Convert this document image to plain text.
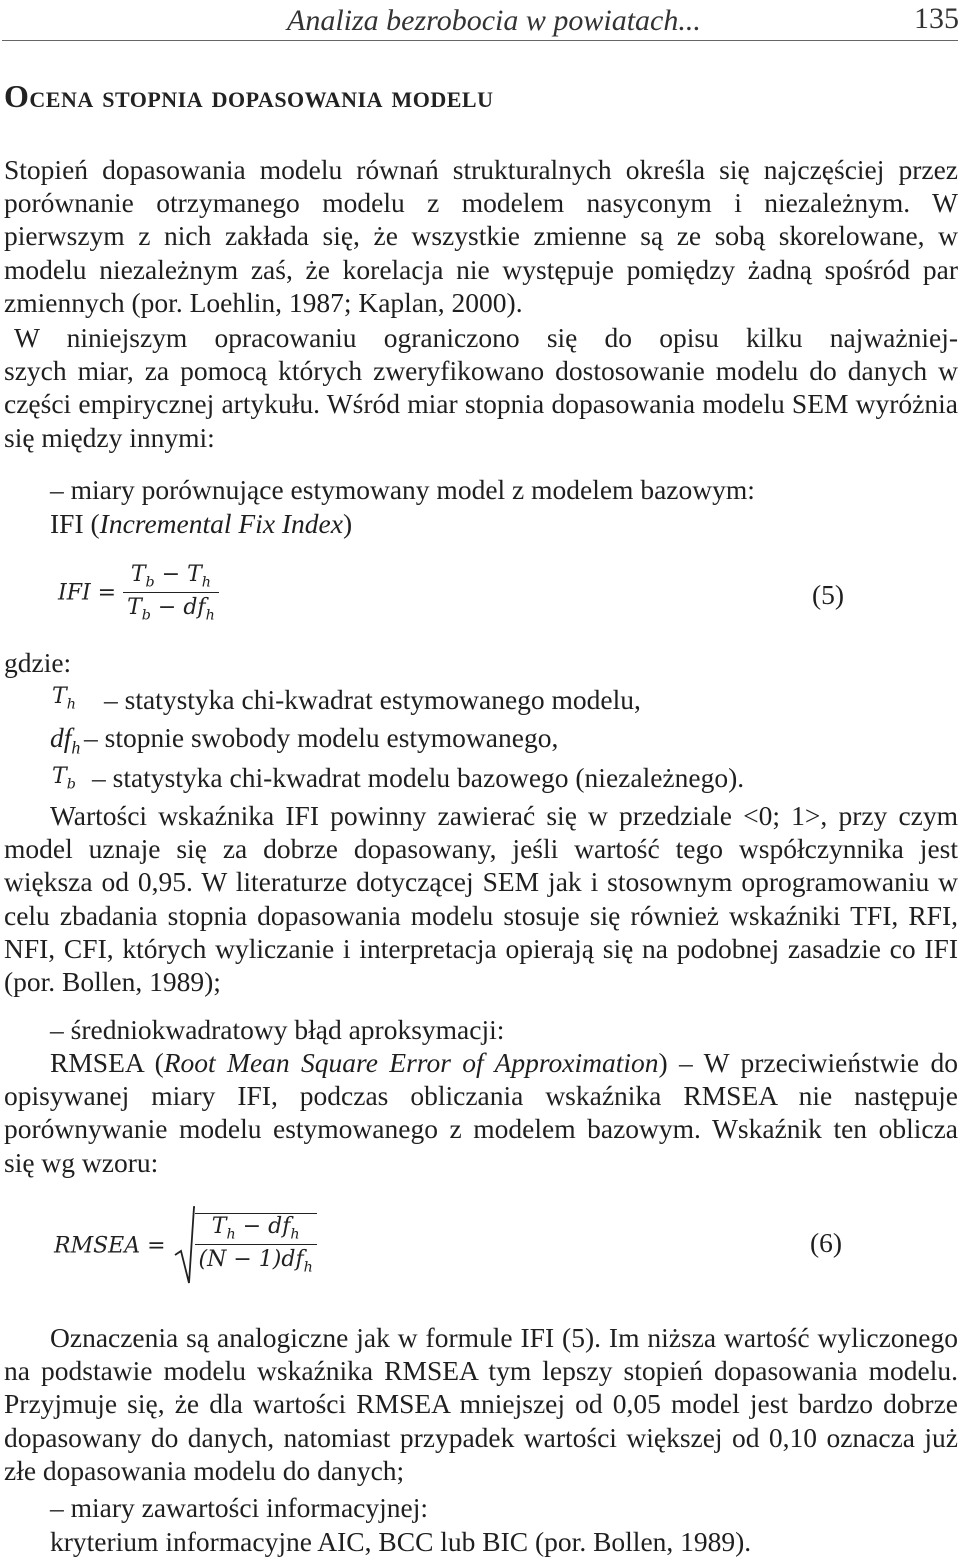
Analiza bezrobocia w powiatach...	135
Ocena stopnia dopasowania modelu

Stopień dopasowania modelu równań strukturalnych określa się najczęściej przez porównanie otrzymanego modelu z modelem nasyconym i niezależnym. W pierwszym z nich zakłada się, że wszystkie zmienne są ze sobą skorelowane, w modelu niezależnym zaś, że korelacja nie występuje pomiędzy żadną spośród par zmiennych (por. Loehlin, 1987; Kaplan, 2000).

W niniejszym opracowaniu ograniczono się do opisu kilku najważniej-
szych miar, za pomocą których zweryfikowano dostosowanie modelu do danych w części empirycznej artykułu. Wśród miar stopnia dopasowania modelu SEM wyróżnia się między innymi:

– miary porównujące estymowany model z modelem bazowym:

IFI (Incremental Fix Index)

IFI = $\frac{T_b - T_h}{T_b - df_h}$	(5)

gdzie:

$T_h$ – statystyka chi-kwadrat estymowanego modelu,

$df_h$ – stopnie swobody modelu estymowanego,

$T_b$ – statystyka chi-kwadrat modelu bazowego (niezależnego).

Wartości wskaźnika IFI powinny zawierać się w przedziale <0; 1>, przy czym model uznaje się za dobrze dopasowany, jeśli wartość tego współczynnika jest większa od 0,95. W literaturze dotyczącej SEM jak i stosownym oprogramowaniu w celu zbadania stopnia dopasowania modelu stosuje się również wskaźniki TFI, RFI, NFI, CFI, których wyliczanie i interpretacja opierają się na podobnej zasadzie co IFI (por. Bollen, 1989);

– średniokwadratowy błąd aproksymacji:

RMSEA (Root Mean Square Error of Approximation) – W przeciwieństwie do opisywanej miary IFI, podczas obliczania wskaźnika RMSEA nie następuje porównywanie modelu estymowanego z modelem bazowym. Wskaźnik ten oblicza się wg wzoru:

RMSEA = $\frac{T_h - df_h}{(N - 1)df_h}$	(6)

Oznaczenia są analogiczne jak w formule IFI (5). Im niższa wartość wyliczonego na podstawie modelu wskaźnika RMSEA tym lepszy stopień dopasowania modelu. Przyjmuje się, że dla wartości RMSEA mniejszej od 0,05 model jest bardzo dobrze dopasowany do danych, natomiast przypadek wartości większej od 0,10 oznacza już złe dopasowania modelu do danych;

– miary zawartości informacyjnej:

kryterium informacyjne AIC, BCC lub BIC (por. Bollen, 1989).
